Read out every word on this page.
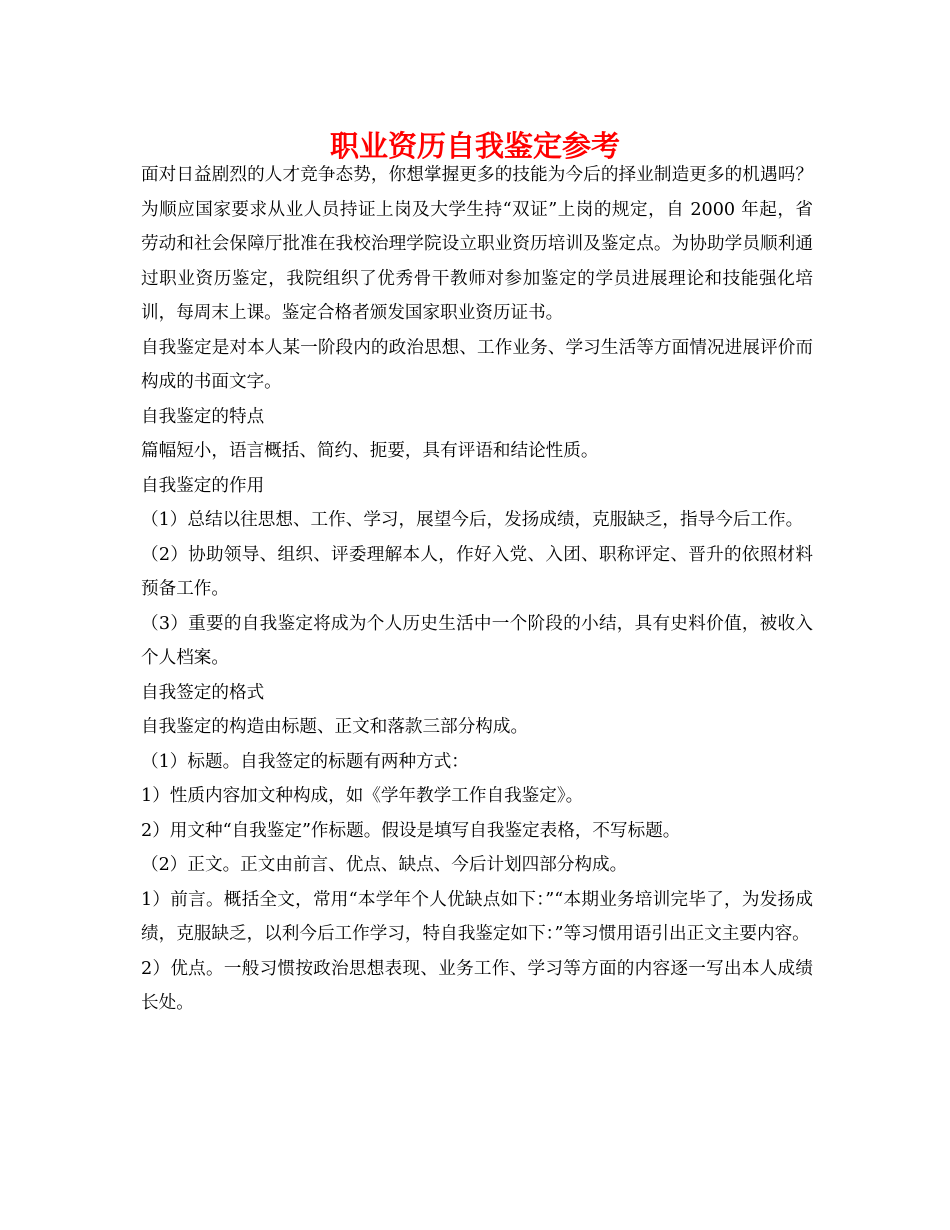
职业资历自我鉴定参考

面对日益剧烈的人才竞争态势，你想掌握更多的技能为今后的择业制造更多的机遇吗？为顺应国家要求从业人员持证上岗及大学生持“双证”上岗的规定，自 2000 年起，省劳动和社会保障厅批准在我校治理学院设立职业资历培训及鉴定点。为协助学员顺利通过职业资历鉴定，我院组织了优秀骨干教师对参加鉴定的学员进展理论和技能强化培训，每周末上课。鉴定合格者颁发国家职业资历证书。

自我鉴定是对本人某一阶段内的政治思想、工作业务、学习生活等方面情况进展评价而构成的书面文字。

自我鉴定的特点

篇幅短小，语言概括、简约、扼要，具有评语和结论性质。

自我鉴定的作用

（1）总结以往思想、工作、学习，展望今后，发扬成绩，克服缺乏，指导今后工作。

（2）协助领导、组织、评委理解本人，作好入党、入团、职称评定、晋升的依照材料预备工作。

（3）重要的自我鉴定将成为个人历史生活中一个阶段的小结，具有史料价值，被收入个人档案。

自我签定的格式

自我鉴定的构造由标题、正文和落款三部分构成。

（1）标题。自我签定的标题有两种方式：

1）性质内容加文种构成，如《学年教学工作自我鉴定》。

2）用文种“自我鉴定”作标题。假设是填写自我鉴定表格，不写标题。

（2）正文。正文由前言、优点、缺点、今后计划四部分构成。

1）前言。概括全文，常用“本学年个人优缺点如下：”“本期业务培训完毕了，为发扬成绩，克服缺乏，以利今后工作学习，特自我鉴定如下：”等习惯用语引出正文主要内容。

2）优点。一般习惯按政治思想表现、业务工作、学习等方面的内容逐一写出本人成绩长处。
